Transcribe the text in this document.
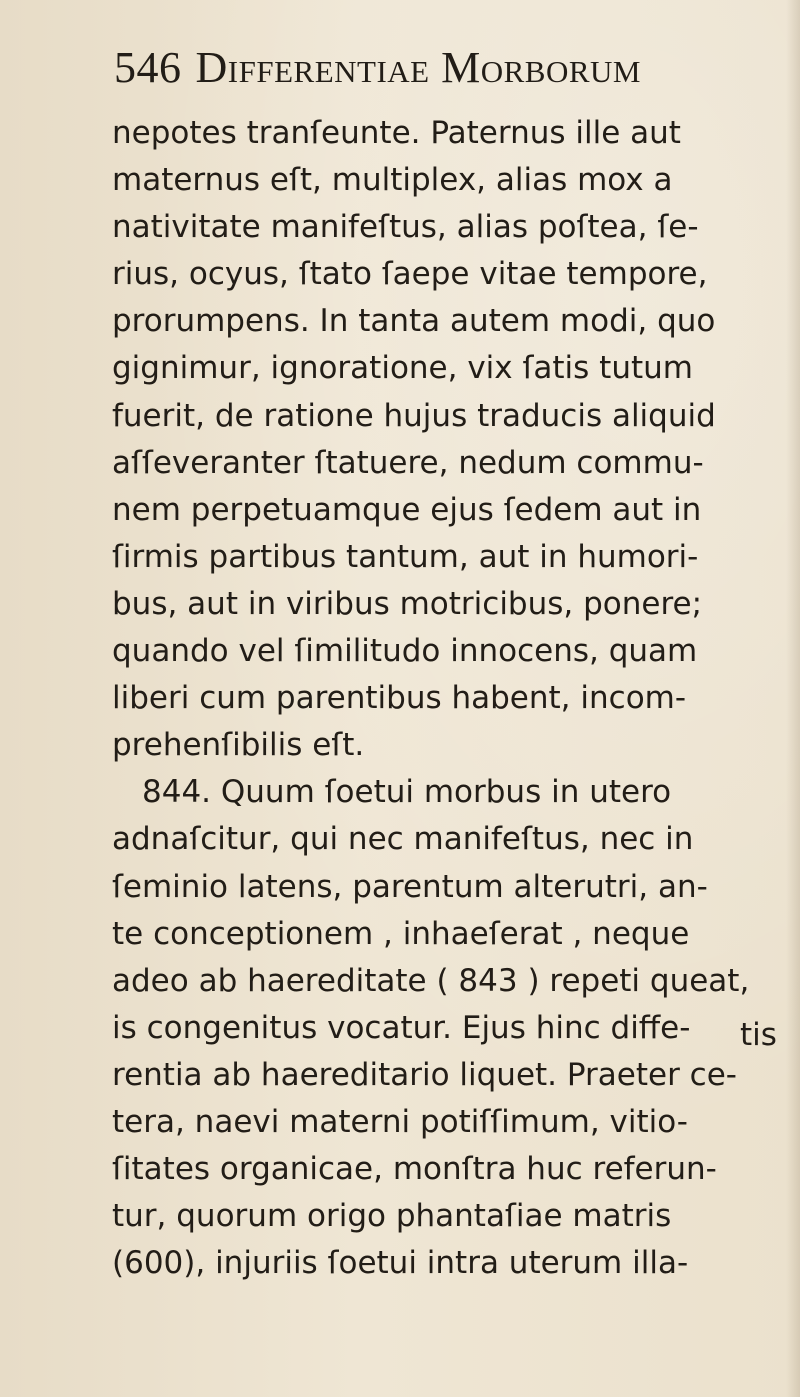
546 Differentiae Morborum
nepotes tranſeunte. Paternus ille aut
maternus eſt, multiplex, alias mox a
nativitate manifeſtus, alias poſtea, ſe-
rius, ocyus, ſtato ſaepe vitae tempore,
prorumpens. In tanta autem modi, quo
gignimur, ignoratione, vix ſatis tutum
fuerit, de ratione hujus traducis aliquid
aſſeveranter ſtatuere, nedum commu-
nem perpetuamque ejus ſedem aut in
ſirmis partibus tantum, aut in humori-
bus, aut in viribus motricibus, ponere;
quando vel ſimilitudo innocens, quam
liberi cum parentibus habent, incom-
prehenſibilis eſt.
844. Quum ſoetui morbus in utero
adnaſcitur, qui nec manifeſtus, nec in
ſeminio latens, parentum alterutri, an-
te conceptionem , inhaeſerat , neque
adeo ab haereditate ( 843 ) repeti queat,
is congenitus vocatur. Ejus hinc diffe-
rentia ab haereditario liquet. Praeter ce-
tera, naevi materni potiſſimum, vitio-
ſitates organicae, monſtra huc referun-
tur, quorum origo phantaſiae matris
(600), injuriis ſoetui intra uterum illa-
tis
